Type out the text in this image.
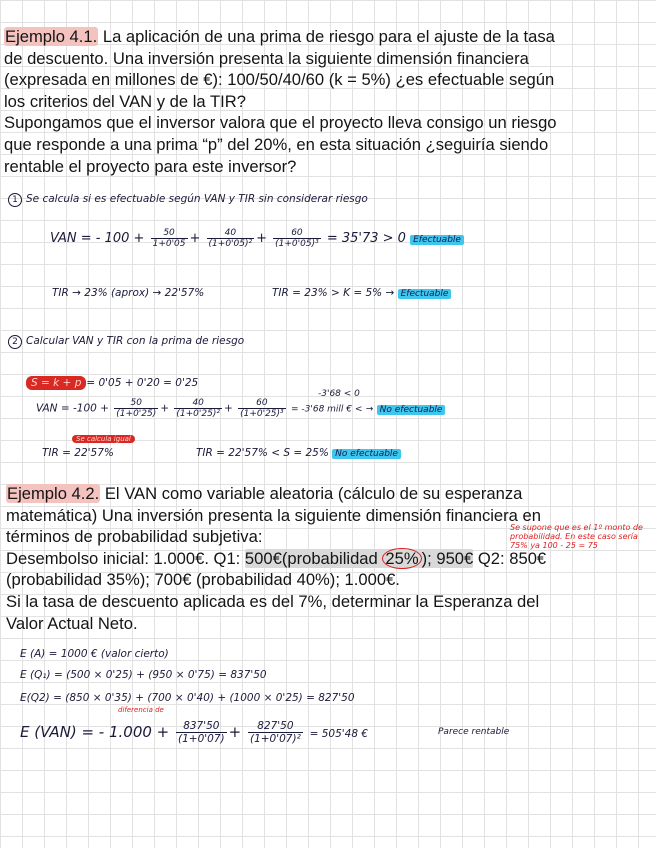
Ejemplo 4.1. La aplicación de una prima de riesgo para el ajuste de la tasa
de descuento. Una inversión presenta la siguiente dimensión financiera
(expresada en millones de €): 100/50/40/60 (k = 5%) ¿es efectuable según
los criterios del VAN y de la TIR?
Supongamos que el inversor valora que el proyecto lleva consigo un riesgo
que responde a una prima “p” del 20%, en esta situación ¿seguiría siendo
rentable el proyecto para este inversor?
1 Se calcula si es efectuable según VAN y TIR sin considerar riesgo
VAN = - $100 + \frac{50}{1+0'05} + \frac{40}{\text{(1+0'05)²}} + \frac{60}{\text{(1+0'05)³}} = 35'73 > 0$ Efectuable
TIR → 23% (aprox) → 22'57%	TIR = 23% > K = 5% → Efectuable
2 Calcular VAN y TIR con la prima de riesgo
S = k + p = 0'05 + 0'20 = 0'25
-3'68 < 0
VAN = $-100 + \frac{50}{(1+0'25)} + \frac{40}{\text{(1+0'25)²}} + \frac{60}{\text{(1+0'25)³}} = -3'68$ mill € < → No efectuable
Se calcula igual
TIR = 22'57%	TIR = 22'57% < S = 25% No efectuable
Ejemplo 4.2. El VAN como variable aleatoria (cálculo de su esperanza
matemática) Una inversión presenta la siguiente dimensión financiera en
términos de probabilidad subjetiva:
Desembolso inicial: 1.000€. Q1: 500€(probabilidad 25% ); 950€ Q2: 850€
(probabilidad 35%); 700€ (probabilidad 40%); 1.000€.
Si la tasa de descuento aplicada es del 7%, determinar la Esperanza del
Valor Actual Neto.
Se supone que es el 1º monto de
probabilidad. En este caso sería
75% ya 100 - 25 = 75
E (A) = 1000 € (valor cierto)
E (Q₁) = (500 × 0'25) + (950 × 0'75) = 837'50
E(Q2) = (850 × 0'35) + (700 × 0'40) + (1000 × 0'25) = 827'50
diferencia de
E (VAN) = - $1.000 + \frac{837'50}{(1+0'07)} + \frac{827'50}{\text{(1+0'07)²}} = 505'48$ €	Parece rentable
